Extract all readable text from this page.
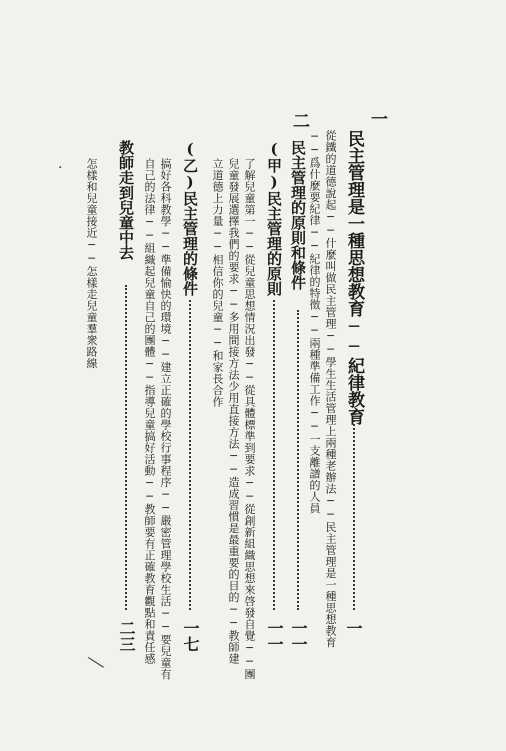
一
民主管理是一種思想教育──紀律教育
一
從鐵的道德說起──什麼叫做民主管理──學生生活管理上兩種老辦法──民主管理是一種思想教育
──爲什麼要紀律──紀律的特徵──兩種準備工作──一支離譜的人員
二
民主管理的原則和條件
一一
(甲)民主管理的原則
一一
了解兒童第一──從兒童思想情況出發──從具體標準到要求──從創新組織思想來啓發自覺──團
兒童發展選擇我們的要求──多用間接方法少用直接方法──造成習慣是最重要的目的──教師建
立道德上力量──相信你的兒童──和家長合作
(乙)民主管理的條件
一七
搞好各科教學──準備愉快的環境──建立正確的學校行事程序──嚴密管理學校生活──要兒童有
自己的法律──組織起兒童自己的團體──指導兒童搞好活動──教師要有正確教育觀點和責任感
教師走到兒童中去
二三
怎樣和兒童接近──怎樣走兒童羣衆路線
·
╲
